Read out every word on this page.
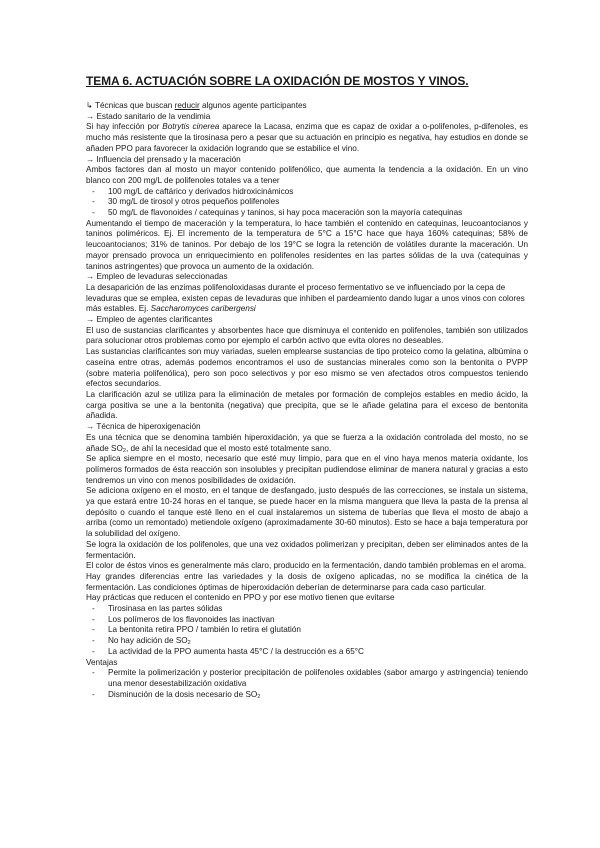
TEMA 6. ACTUACIÓN SOBRE LA OXIDACIÓN DE MOSTOS Y VINOS.

↳ Técnicas que buscan reducir algunos agente participantes

→ Estado sanitario de la vendimia

Si hay infección por Botrytis cinerea aparece la Lacasa, enzima que es capaz de oxidar a o-polifenoles, p-difenoles, es mucho más resistente que la tirosinasa pero a pesar que su actuación en principio es negativa, hay estudios en donde se añaden PPO para favorecer la oxidación logrando que se estabilice el vino.

→ Influencia del prensado y la maceración

Ambos factores dan al mosto un mayor contenido polifenólico, que aumenta la tendencia a la oxidación. En un vino blanco con 200 mg/L de polifenoles totales va a tener

- 100 mg/L de caftárico y derivados hidroxicinámicos
- 30 mg/L de tirosol y otros pequeños polifenoles
- 50 mg/L de flavonoides / catequinas y taninos, si hay poca maceración son la mayoría catequinas

Aumentando el tiempo de maceración y la temperatura, lo hace también el contenido en catequinas, leucoantocianos y taninos poliméricos. Ej. El incremento de la temperatura de 5°C a 15°C hace que haya 160% catequinas; 58% de leucoantocianos; 31% de taninos. Por debajo de los 19°C se logra la retención de volátiles durante la maceración. Un mayor prensado provoca un enriquecimiento en polifenoles residentes en las partes sólidas de la uva (catequinas y taninos astringentes) que provoca un aumento de la oxidación.

→ Empleo de levaduras seleccionadas

La desaparición de las enzimas polifenoloxidasas durante el proceso fermentativo se ve influenciado por la cepa de levaduras que se emplea, existen cepas de levaduras que inhiben el pardeamiento dando lugar a unos vinos con colores más estables. Ej. Saccharomyces caribergensi

→ Empleo de agentes clarificantes

El uso de sustancias clarificantes y absorbentes hace que disminuya el contenido en polifenoles, también son utilizados para solucionar otros problemas como por ejemplo el carbón activo que evita olores no deseables.

Las sustancias clarificantes son muy variadas, suelen emplearse sustancias de tipo proteico como la gelatina, albúmina o caseína entre otras, además podemos encontramos el uso de sustancias minerales como son la bentonita o PVPP (sobre materia polifenólica), pero son poco selectivos y por eso mismo se ven afectados otros compuestos teniendo efectos secundarios.

La clarificación azul se utiliza para la eliminación de metales por formación de complejos estables en medio ácido, la carga positiva se une a la bentonita (negativa) que precipita, que se le añade gelatina para el exceso de bentonita añadida.

→ Técnica de hiperoxigenación

Es una técnica que se denomina también hiperoxidación, ya que se fuerza a la oxidación controlada del mosto, no se añade $SO_2$, de ahí la necesidad que el mosto esté totalmente sano.

Se aplica siempre en el mosto, necesario que esté muy limpio, para que en el vino haya menos materia oxidante, los polímeros formados de ésta reacción son insolubles y precipitan pudiendose eliminar de manera natural y gracias a esto tendremos un vino con menos posibilidades de oxidación.

Se adiciona oxígeno en el mosto, en el tanque de desfangado, justo después de las correcciones, se instala un sistema, ya que estará entre 10-24 horas en el tanque, se puede hacer en la misma manguera que lleva la pasta de la prensa al depósito o cuando el tanque esté lleno en el cual instalaremos un sistema de tuberías que lleva el mosto de abajo a arriba (como un remontado) metiendole oxígeno (aproximadamente 30-60 minutos). Esto se hace a baja temperatura por la solubilidad del oxígeno.

Se logra la oxidación de los polifenoles, que una vez oxidados polimerizan y precipitan, deben ser eliminados antes de la fermentación.

El color de éstos vinos es generalmente más claro, producido en la fermentación, dando también problemas en el aroma.

Hay grandes diferencias entre las variedades y la dosis de oxígeno aplicadas, no se modifica la cinética de la fermentación. Las condiciones óptimas de hiperoxidación deberían de determinarse para cada caso particular.

Hay prácticas que reducen el contenido en PPO y por ese motivo tienen que evitarse

- Tirosinasa en las partes sólidas
- Los polímeros de los flavonoides las inactivan
- La bentonita retira PPO / también lo retira el glutatión
- No hay adición de $SO_2$
- La actividad de la PPO aumenta hasta 45°C / la destrucción es a 65°C

Ventajas

- Permite la polimerización y posterior precipitación de polifenoles oxidables (sabor amargo y astringencia) teniendo una menor desestabilización oxidativa
- Disminución de la dosis necesario de $SO_2$
